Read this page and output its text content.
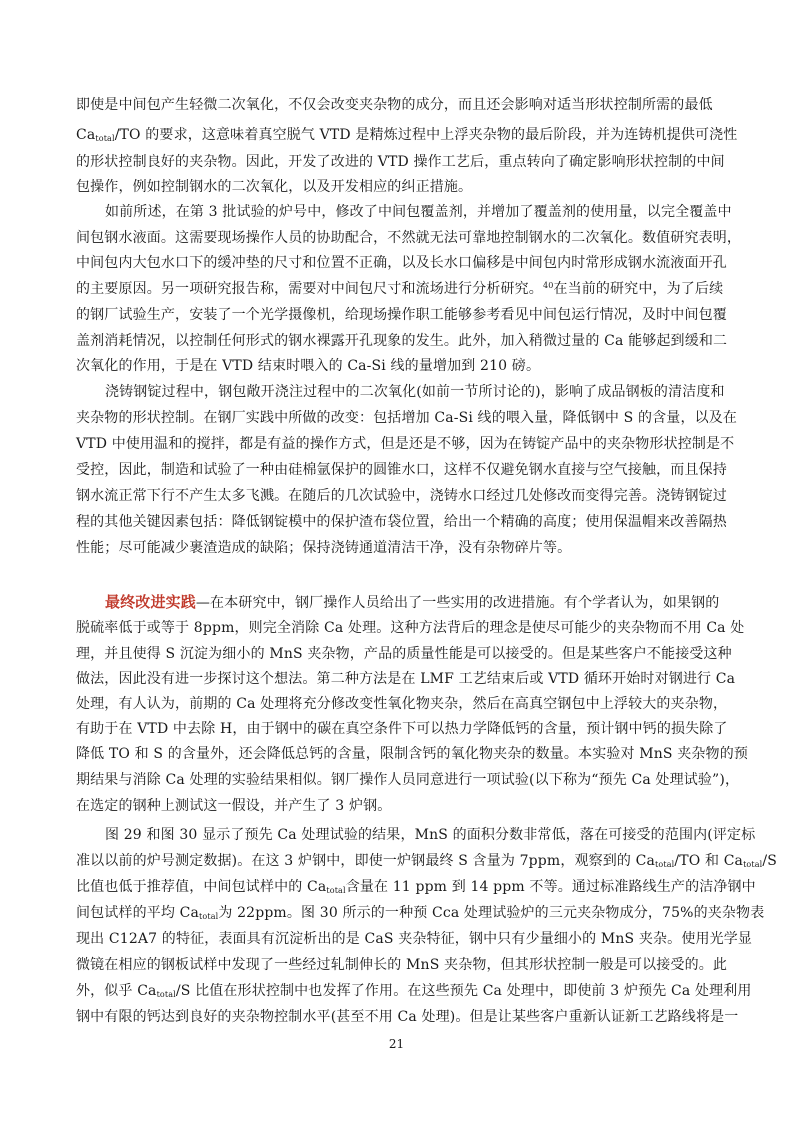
即使是中间包产生轻微二次氧化，不仅会改变夹杂物的成分，而且还会影响对适当形状控制所需的最低
$Ca_{total}/TO$ 的要求，这意味着真空脱气 VTD 是精炼过程中上浮夹杂物的最后阶段，并为连铸机提供可浇性
的形状控制良好的夹杂物。因此，开发了改进的 VTD 操作工艺后，重点转向了确定影响形状控制的中间
包操作，例如控制钢水的二次氧化，以及开发相应的纠正措施。
如前所述，在第 3 批试验的炉号中，修改了中间包覆盖剂，并增加了覆盖剂的使用量，以完全覆盖中
间包钢水液面。这需要现场操作人员的协助配合，不然就无法可靠地控制钢水的二次氧化。数值研究表明，
中间包内大包水口下的缓冲垫的尺寸和位置不正确，以及长水口偏移是中间包内时常形成钢水流液面开孔
的主要原因。另一项研究报告称，需要对中间包尺寸和流场进行分析研究。$^{40}$在当前的研究中，为了后续
的钢厂试验生产，安装了一个光学摄像机，给现场操作职工能够参考看见中间包运行情况，及时中间包覆
盖剂消耗情况，以控制任何形式的钢水裸露开孔现象的发生。此外，加入稍微过量的 Ca 能够起到缓和二
次氧化的作用，于是在 VTD 结束时喂入的 Ca-Si 线的量增加到 210 磅。
浇铸钢锭过程中，钢包敞开浇注过程中的二次氧化(如前一节所讨论的)，影响了成品钢板的清洁度和
夹杂物的形状控制。在钢厂实践中所做的改变：包括增加 Ca-Si 线的喂入量，降低钢中 S 的含量，以及在
VTD 中使用温和的搅拌，都是有益的操作方式，但是还是不够，因为在铸锭产品中的夹杂物形状控制是不
受控，因此，制造和试验了一种由硅棉氩保护的圆锥水口，这样不仅避免钢水直接与空气接触，而且保持
钢水流正常下行不产生太多飞溅。在随后的几次试验中，浇铸水口经过几处修改而变得完善。浇铸钢锭过
程的其他关键因素包括：降低钢锭模中的保护渣布袋位置，给出一个精确的高度；使用保温帽来改善隔热
性能；尽可能减少裹渣造成的缺陷；保持浇铸通道清洁干净，没有杂物碎片等。
最终改进实践—在本研究中，钢厂操作人员给出了一些实用的改进措施。有个学者认为，如果钢的
脱硫率低于或等于 8ppm，则完全消除 Ca 处理。这种方法背后的理念是使尽可能少的夹杂物而不用 Ca 处
理，并且使得 S 沉淀为细小的 MnS 夹杂物，产品的质量性能是可以接受的。但是某些客户不能接受这种
做法，因此没有进一步探讨这个想法。第二种方法是在 LMF 工艺结束后或 VTD 循环开始时对钢进行 Ca
处理，有人认为，前期的 Ca 处理将充分修改变性氧化物夹杂，然后在高真空钢包中上浮较大的夹杂物，
有助于在 VTD 中去除 H，由于钢中的碳在真空条件下可以热力学降低钙的含量，预计钢中钙的损失除了
降低 TO 和 S 的含量外，还会降低总钙的含量，限制含钙的氧化物夹杂的数量。本实验对 MnS 夹杂物的预
期结果与消除 Ca 处理的实验结果相似。钢厂操作人员同意进行一项试验(以下称为“预先 Ca 处理试验”)，
在选定的钢种上测试这一假设，并产生了 3 炉钢。
图 29 和图 30 显示了预先 Ca 处理试验的结果，MnS 的面积分数非常低，落在可接受的范围内(评定标
准以以前的炉号测定数据)。在这 3 炉钢中，即使一炉钢最终 S 含量为 7ppm，观察到的 $Ca_{total}/TO$ 和 $Ca_{total}/S$
比值也低于推荐值，中间包试样中的 $Ca_{total}$含量在 11 ppm 到 14 ppm 不等。通过标准路线生产的洁净钢中
间包试样的平均 $Ca_{total}$为 22ppm。图 30 所示的一种预 Cca 处理试验炉的三元夹杂物成分，75%的夹杂物表
现出 C12A7 的特征，表面具有沉淀析出的是 CaS 夹杂特征，钢中只有少量细小的 MnS 夹杂。使用光学显
微镜在相应的钢板试样中发现了一些经过轧制伸长的 MnS 夹杂物，但其形状控制一般是可以接受的。此
外，似乎 $Ca_{total}/S$ 比值在形状控制中也发挥了作用。在这些预先 Ca 处理中，即使前 3 炉预先 Ca 处理利用
钢中有限的钙达到良好的夹杂物控制水平(甚至不用 Ca 处理)。但是让某些客户重新认证新工艺路线将是一
21
